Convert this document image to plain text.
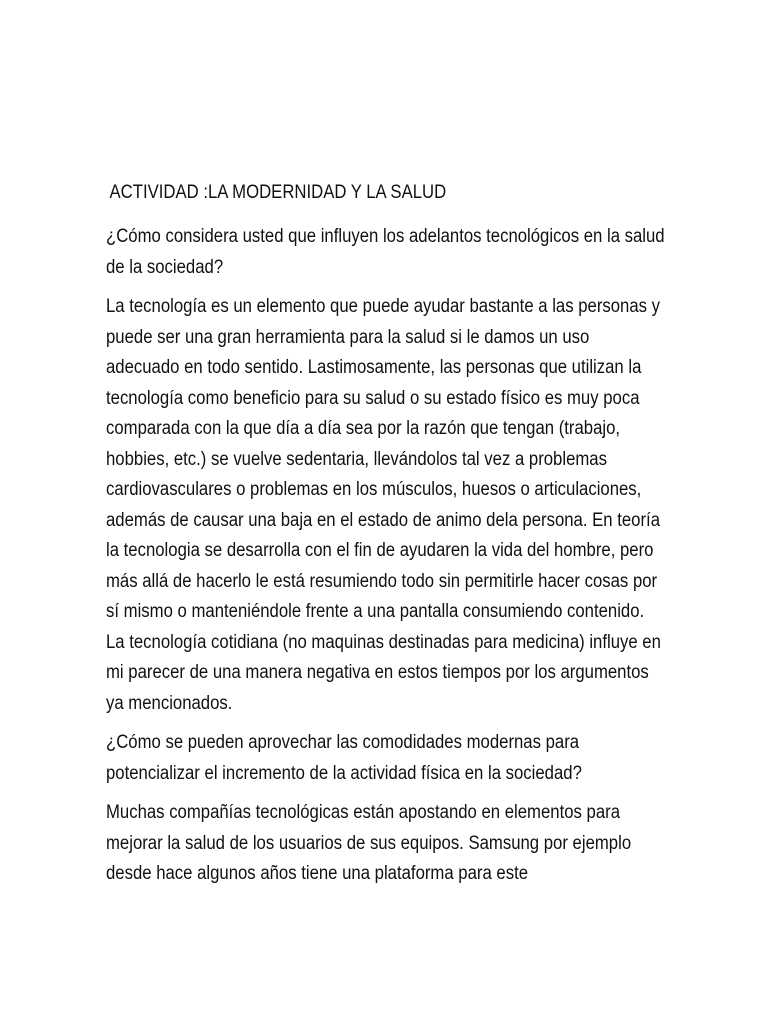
ACTIVIDAD :LA MODERNIDAD Y LA SALUD

¿Cómo considera usted que influyen los adelantos tecnológicos en la salud de la sociedad?

La tecnología es un elemento que puede ayudar bastante a las personas y puede ser una gran herramienta para la salud si le damos un uso adecuado en todo sentido. Lastimosamente, las personas que utilizan la tecnología como beneficio para su salud o su estado físico es muy poca comparada con la que día a día sea por la razón que tengan (trabajo, hobbies, etc.) se vuelve sedentaria, llevándolos tal vez a problemas cardiovasculares o problemas en los músculos, huesos o articulaciones, además de causar una baja en el estado de animo dela persona. En teoría la tecnologia se desarrolla con el fin de ayudaren la vida del hombre, pero más allá de hacerlo le está resumiendo todo sin permitirle hacer cosas por sí mismo o manteniéndole frente a una pantalla consumiendo contenido. La tecnología cotidiana (no maquinas destinadas para medicina) influye en mi parecer de una manera negativa en estos tiempos por los argumentos ya mencionados.

¿Cómo se pueden aprovechar las comodidades modernas para potencializar el incremento de la actividad física en la sociedad?

Muchas compañías tecnológicas están apostando en elementos para mejorar la salud de los usuarios de sus equipos. Samsung por ejemplo desde hace algunos años tiene una plataforma para este
